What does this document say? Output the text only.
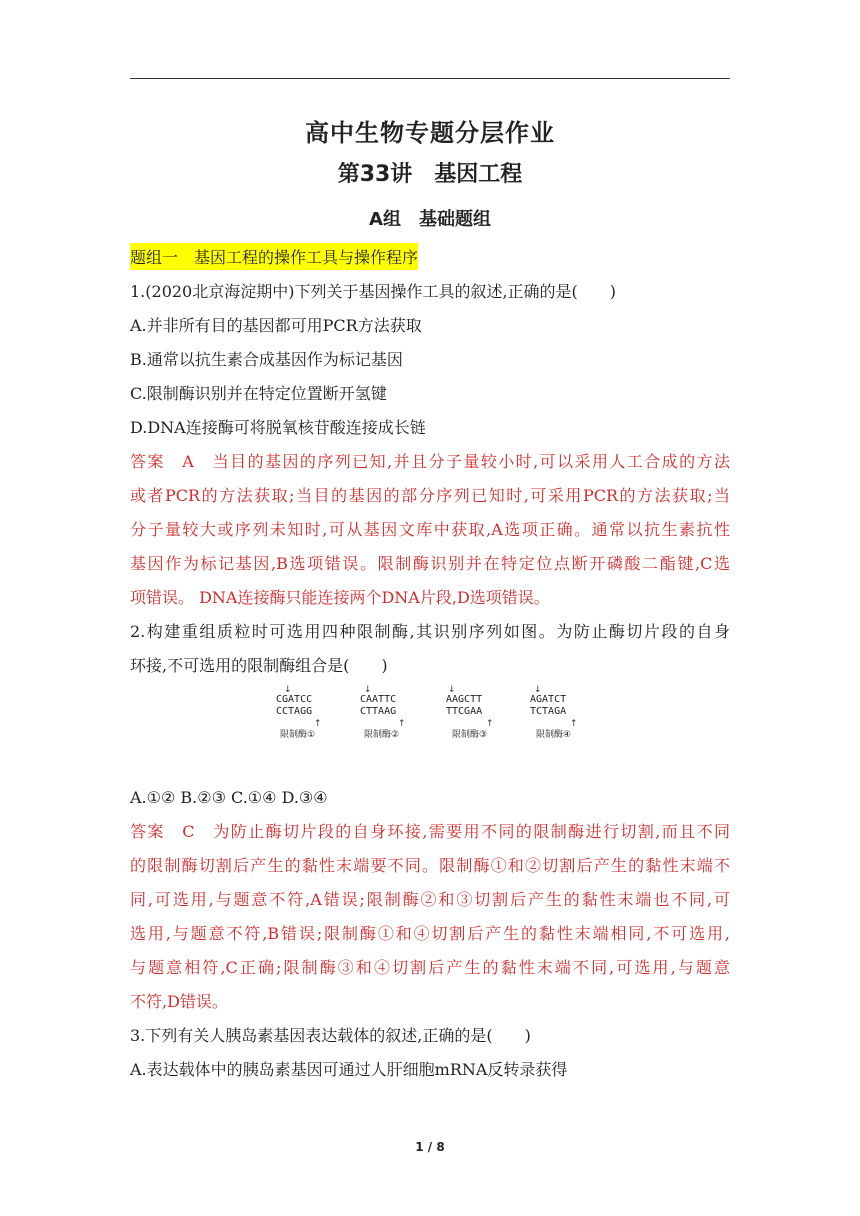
高中生物专题分层作业
第33讲　基因工程
A组　基础题组
题组一　基因工程的操作工具与操作程序
1.(2020北京海淀期中)下列关于基因操作工具的叙述,正确的是(　　)
A.并非所有目的基因都可用PCR方法获取
B.通常以抗生素合成基因作为标记基因
C.限制酶识别并在特定位置断开氢键
D.DNA连接酶可将脱氧核苷酸连接成长链
答案　A　当目的基因的序列已知,并且分子量较小时,可以采用人工合成的方法
或者PCR的方法获取;当目的基因的部分序列已知时,可采用PCR的方法获取;当
分子量较大或序列未知时,可从基因文库中获取,A选项正确。通常以抗生素抗性
基因作为标记基因,B选项错误。限制酶识别并在特定位点断开磷酸二酯键,C选
项错误。 DNA连接酶只能连接两个DNA片段,D选项错误。
2.构建重组质粒时可选用四种限制酶,其识别序列如图。为防止酶切片段的自身
环接,不可选用的限制酶组合是(　　)
↓
CGATCC
CCTAGG
↑
限制酶①
↓
CAATTC
CTTAAG
↑
限制酶②
↓
AAGCTT
TTCGAA
↑
限制酶③
↓
AGATCT
TCTAGA
↑
限制酶④
A.①② B.②③ C.①④ D.③④
答案　C　为防止酶切片段的自身环接,需要用不同的限制酶进行切割,而且不同
的限制酶切割后产生的黏性末端要不同。限制酶①和②切割后产生的黏性末端不
同,可选用,与题意不符,A错误;限制酶②和③切割后产生的黏性末端也不同,可
选用,与题意不符,B错误;限制酶①和④切割后产生的黏性末端相同,不可选用,
与题意相符,C正确;限制酶③和④切割后产生的黏性末端不同,可选用,与题意
不符,D错误。
3.下列有关人胰岛素基因表达载体的叙述,正确的是(　　)
A.表达载体中的胰岛素基因可通过人肝细胞mRNA反转录获得
1 / 8
